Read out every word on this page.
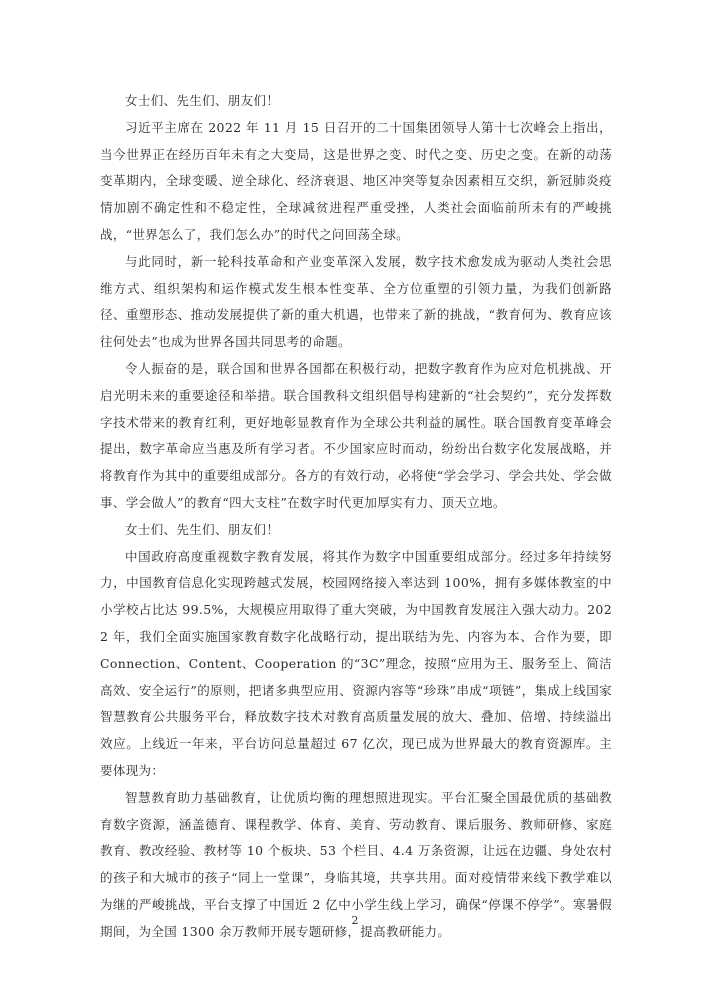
女士们、先生们、朋友们！

习近平主席在 2022 年 11 月 15 日召开的二十国集团领导人第十七次峰会上指出，当今世界正在经历百年未有之大变局，这是世界之变、时代之变、历史之变。在新的动荡变革期内，全球变暖、逆全球化、经济衰退、地区冲突等复杂因素相互交织，新冠肺炎疫情加剧不确定性和不稳定性，全球减贫进程严重受挫，人类社会面临前所未有的严峻挑战，“世界怎么了，我们怎么办”的时代之问回荡全球。

与此同时，新一轮科技革命和产业变革深入发展，数字技术愈发成为驱动人类社会思维方式、组织架构和运作模式发生根本性变革、全方位重塑的引领力量，为我们创新路径、重塑形态、推动发展提供了新的重大机遇，也带来了新的挑战，“教育何为、教育应该往何处去”也成为世界各国共同思考的命题。

令人振奋的是，联合国和世界各国都在积极行动，把数字教育作为应对危机挑战、开启光明未来的重要途径和举措。联合国教科文组织倡导构建新的“社会契约”，充分发挥数字技术带来的教育红利，更好地彰显教育作为全球公共利益的属性。联合国教育变革峰会提出，数字革命应当惠及所有学习者。不少国家应时而动，纷纷出台数字化发展战略，并将教育作为其中的重要组成部分。各方的有效行动，必将使“学会学习、学会共处、学会做事、学会做人”的教育“四大支柱”在数字时代更加厚实有力、顶天立地。

女士们、先生们、朋友们！

中国政府高度重视数字教育发展，将其作为数字中国重要组成部分。经过多年持续努力，中国教育信息化实现跨越式发展，校园网络接入率达到 100%，拥有多媒体教室的中小学校占比达 99.5%，大规模应用取得了重大突破，为中国教育发展注入强大动力。2022 年，我们全面实施国家教育数字化战略行动，提出联结为先、内容为本、合作为要，即 Connection、Content、Cooperation 的“3C”理念，按照“应用为王、服务至上、简洁高效、安全运行”的原则，把诸多典型应用、资源内容等“珍珠”串成“项链”，集成上线国家智慧教育公共服务平台，释放数字技术对教育高质量发展的放大、叠加、倍增、持续溢出效应。上线近一年来，平台访问总量超过 67 亿次，现已成为世界最大的教育资源库。主要体现为：

智慧教育助力基础教育，让优质均衡的理想照进现实。平台汇聚全国最优质的基础教育数字资源，涵盖德育、课程教学、体育、美育、劳动教育、课后服务、教师研修、家庭教育、教改经验、教材等 10 个板块、53 个栏目、4.4 万条资源，让远在边疆、身处农村的孩子和大城市的孩子“同上一堂课”，身临其境，共享共用。面对疫情带来线下教学难以为继的严峻挑战，平台支撑了中国近 2 亿中小学生线上学习，确保“停课不停学”。寒暑假期间，为全国 1300 余万教师开展专题研修，提高教研能力。

2
